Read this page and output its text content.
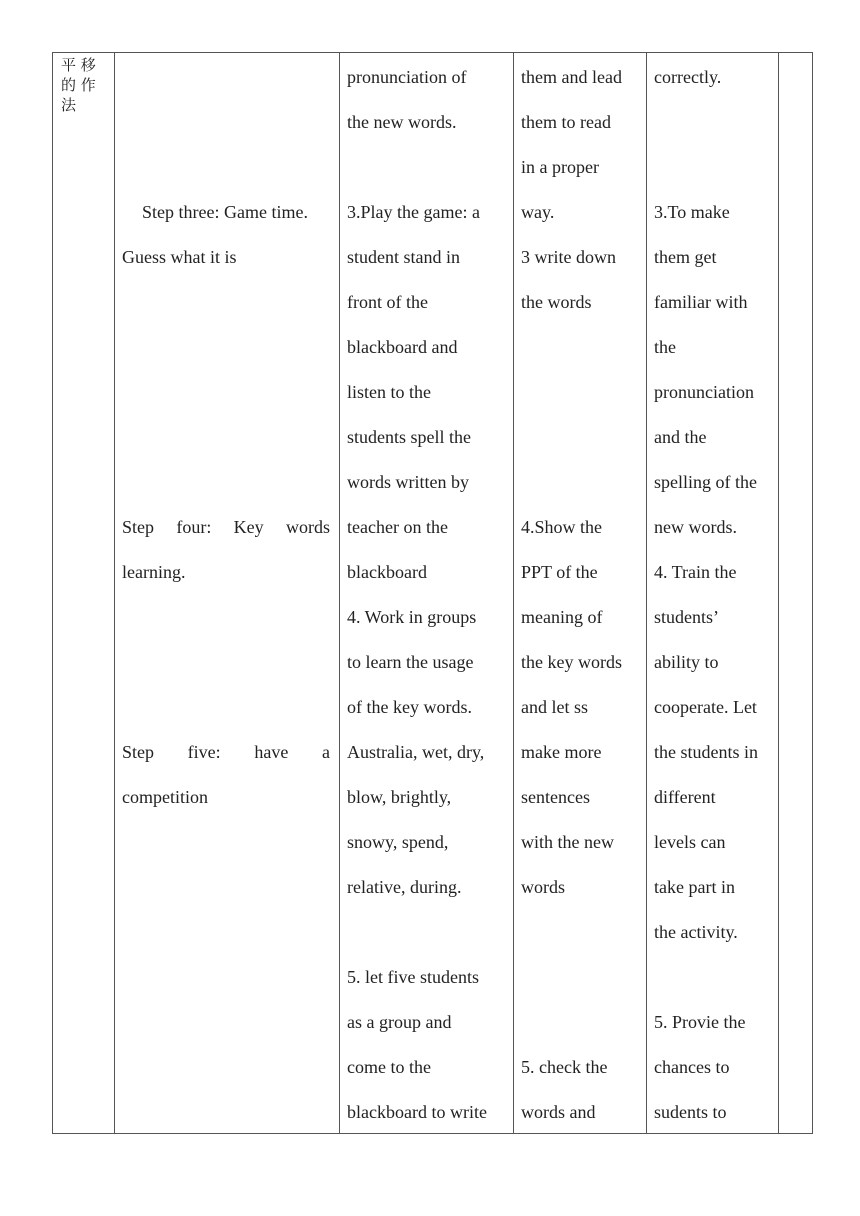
平 移
的 作
法
Step three: Game time.
Guess what it is
Step four: Key words
learning.
Step five: have a
competition
pronunciation of
the new words.
3.Play the game: a
student stand in
front of the
blackboard and
listen to the
students spell the
words written by
teacher on the
blackboard
4. Work in groups
to learn the usage
of the key words.
Australia, wet, dry,
blow, brightly,
snowy, spend,
relative, during.
5. let five students
as a group and
come to the
blackboard to write
them and lead
them to read
in a proper
way.
3 write down
the words
4.Show the
PPT of the
meaning of
the key words
and let ss
make more
sentences
with the new
words
5. check the
words and
correctly.
3.To make
them get
familiar with
the
pronunciation
and the
spelling of the
new words.
4. Train the
students’
ability to
cooperate. Let
the students in
different
levels can
take part in
the activity.
5. Provie the
chances to
sudents to
